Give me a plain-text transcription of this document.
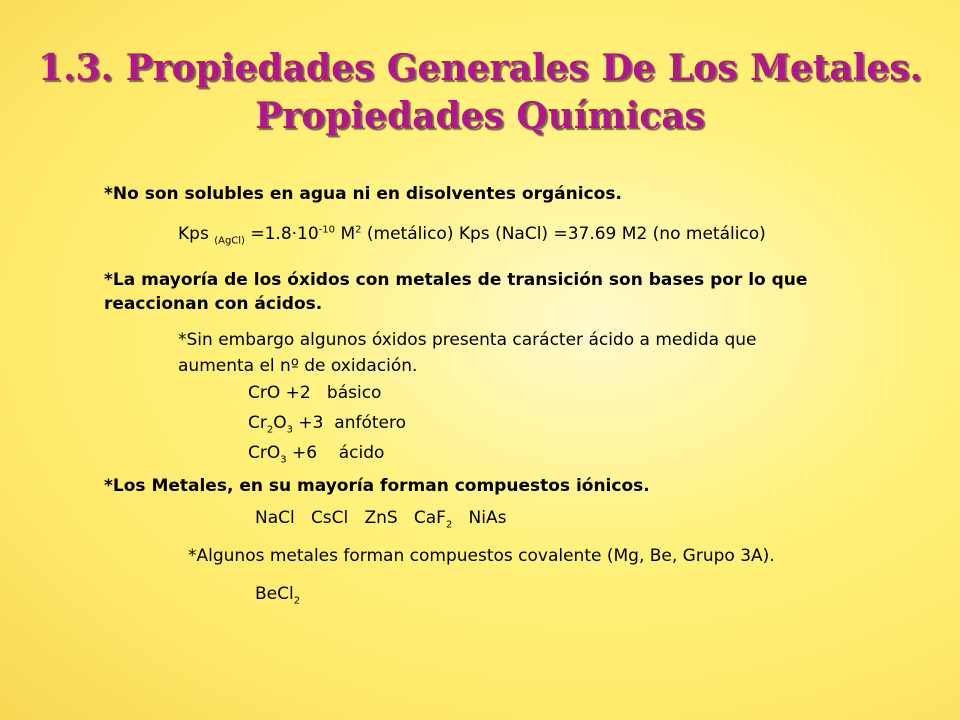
1.3. Propiedades Generales De Los Metales.
Propiedades Químicas
*No son solubles en agua ni en disolventes orgánicos.
Kps $_{(AgCl)} =1.8\cdot 10^{-10}$ $M^2$ (metálico) Kps (NaCl) =37.69 M2 (no metálico)
*La mayoría de los óxidos con metales de transición son bases por lo que
reaccionan con ácidos.
*Sin embargo algunos óxidos presenta carácter ácido a medida que
aumenta el nº de oxidación.
CrO +2   básico
$Cr_2O_3 +3$  anfótero
CrO$_3$ +6    ácido
*Los Metales, en su mayoría forman compuestos iónicos.
NaCl   CsCl   ZnS   CaF$_2$   NiAs
*Algunos metales forman compuestos covalente (Mg, Be, Grupo 3A).
BeCl$_2$
